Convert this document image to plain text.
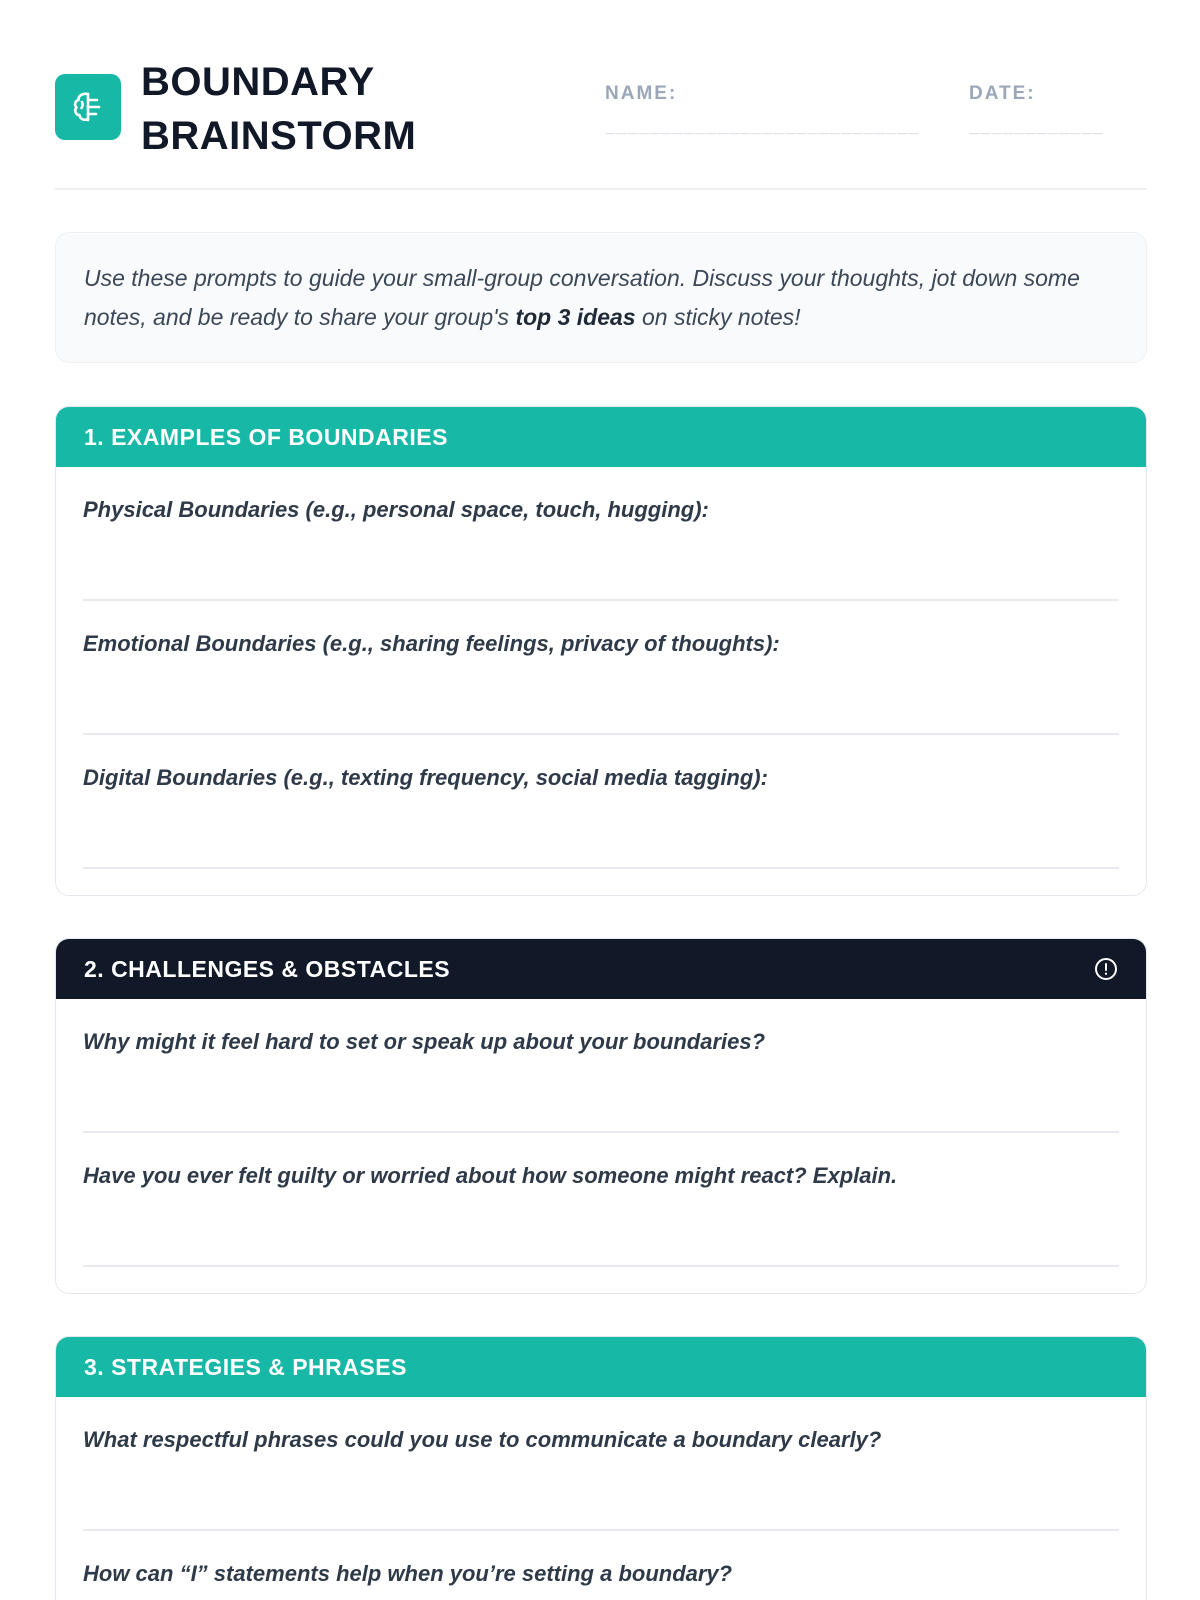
BOUNDARY
BRAINSTORM
NAME:
____________________________
DATE:
____________
Use these prompts to guide your small-group conversation. Discuss your thoughts, jot down some notes, and be ready to share your group's top 3 ideas on sticky notes!
1. EXAMPLES OF BOUNDARIES
Physical Boundaries (e.g., personal space, touch, hugging):
Emotional Boundaries (e.g., sharing feelings, privacy of thoughts):
Digital Boundaries (e.g., texting frequency, social media tagging):
2. CHALLENGES & OBSTACLES
Why might it feel hard to set or speak up about your boundaries?
Have you ever felt guilty or worried about how someone might react? Explain.
3. STRATEGIES & PHRASES
What respectful phrases could you use to communicate a boundary clearly?
How can “I” statements help when you’re setting a boundary?
